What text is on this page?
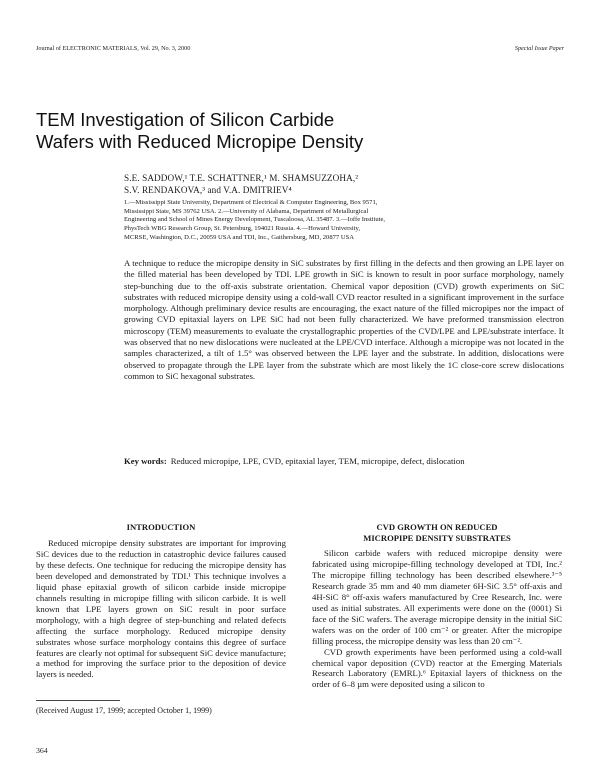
Journal of ELECTRONIC MATERIALS, Vol. 29, No. 3, 2000	Special Issue Paper
TEM Investigation of Silicon Carbide
Wafers with Reduced Micropipe Density
S.E. SADDOW,¹ T.E. SCHATTNER,¹ M. SHAMSUZZOHA,²
S.V. RENDAKOVA,³ and V.A. DMITRIEV⁴
1.—Mississippi State University, Department of Electrical & Computer Engineering, Box 9571,
Mississippi State, MS 39762 USA. 2.—University of Alabama, Department of Metallurgical
Engineering and School of Mines Energy Development, Tuscaloosa, AL 35487. 3.—Ioffe Institute,
PhysTech WBG Research Group, St. Petersburg, 194021 Russia. 4.—Howard University,
MCRSE, Washington, D.C., 20059 USA and TDI, Inc., Gaithersburg, MD, 20877 USA
A technique to reduce the micropipe density in SiC substrates by first filling in the defects and then growing an LPE layer on the filled material has been developed by TDI. LPE growth in SiC is known to result in poor surface morphology, namely step-bunching due to the off-axis substrate orientation. Chemical vapor deposition (CVD) growth experiments on SiC substrates with reduced micropipe density using a cold-wall CVD reactor resulted in a significant improvement in the surface morphology. Although preliminary device results are encouraging, the exact nature of the filled micropipes nor the impact of growing CVD epitaxial layers on LPE SiC had not been fully characterized. We have preformed transmission electron microscopy (TEM) measurements to evaluate the crystallographic properties of the CVD/LPE and LPE/substrate interface. It was observed that no new dislocations were nucleated at the LPE/CVD interface. Although a micropipe was not located in the samples characterized, a tilt of 1.5° was observed between the LPE layer and the substrate. In addition, dislocations were observed to propagate through the LPE layer from the substrate which are most likely the 1C close-core screw dislocations common to SiC hexagonal substrates.
Key words: Reduced micropipe, LPE, CVD, epitaxial layer, TEM, micropipe, defect, dislocation
INTRODUCTION

Reduced micropipe density substrates are important for improving SiC devices due to the reduction in catastrophic device failures caused by these defects. One technique for reducing the micropipe density has been developed and demonstrated by TDI.¹ This technique involves a liquid phase epitaxial growth of silicon carbide inside micropipe channels resulting in micropipe filling with silicon carbide. It is well known that LPE layers grown on SiC result in poor surface morphology, with a high degree of step-bunching and related defects affecting the surface morphology. Reduced micropipe density substrates whose surface morphology contains this degree of surface features are clearly not optimal for subsequent SiC device manufacture; a method for improving the surface prior to the deposition of device layers is needed.

CVD GROWTH ON REDUCED
MICROPIPE DENSITY SUBSTRATES

Silicon carbide wafers with reduced micropipe density were fabricated using micropipe-filling technology developed at TDI, Inc.² The micropipe filling technology has been described elsewhere.³⁻⁵ Research grade 35 mm and 40 mm diameter 6H-SiC 3.5° off-axis and 4H-SiC 8° off-axis wafers manufactured by Cree Research, Inc. were used as initial substrates. All experiments were done on the (0001) Si face of the SiC wafers. The average micropipe density in the initial SiC wafers was on the order of 100 cm⁻² or greater. After the micropipe filling process, the micropipe density was less than 20 cm⁻².

CVD growth experiments have been performed using a cold-wall chemical vapor deposition (CVD) reactor at the Emerging Materials Research Laboratory (EMRL).⁶ Epitaxial layers of thickness on the order of 6–8 µm were deposited using a silicon to

(Received August 17, 1999; accepted October 1, 1999)
364
